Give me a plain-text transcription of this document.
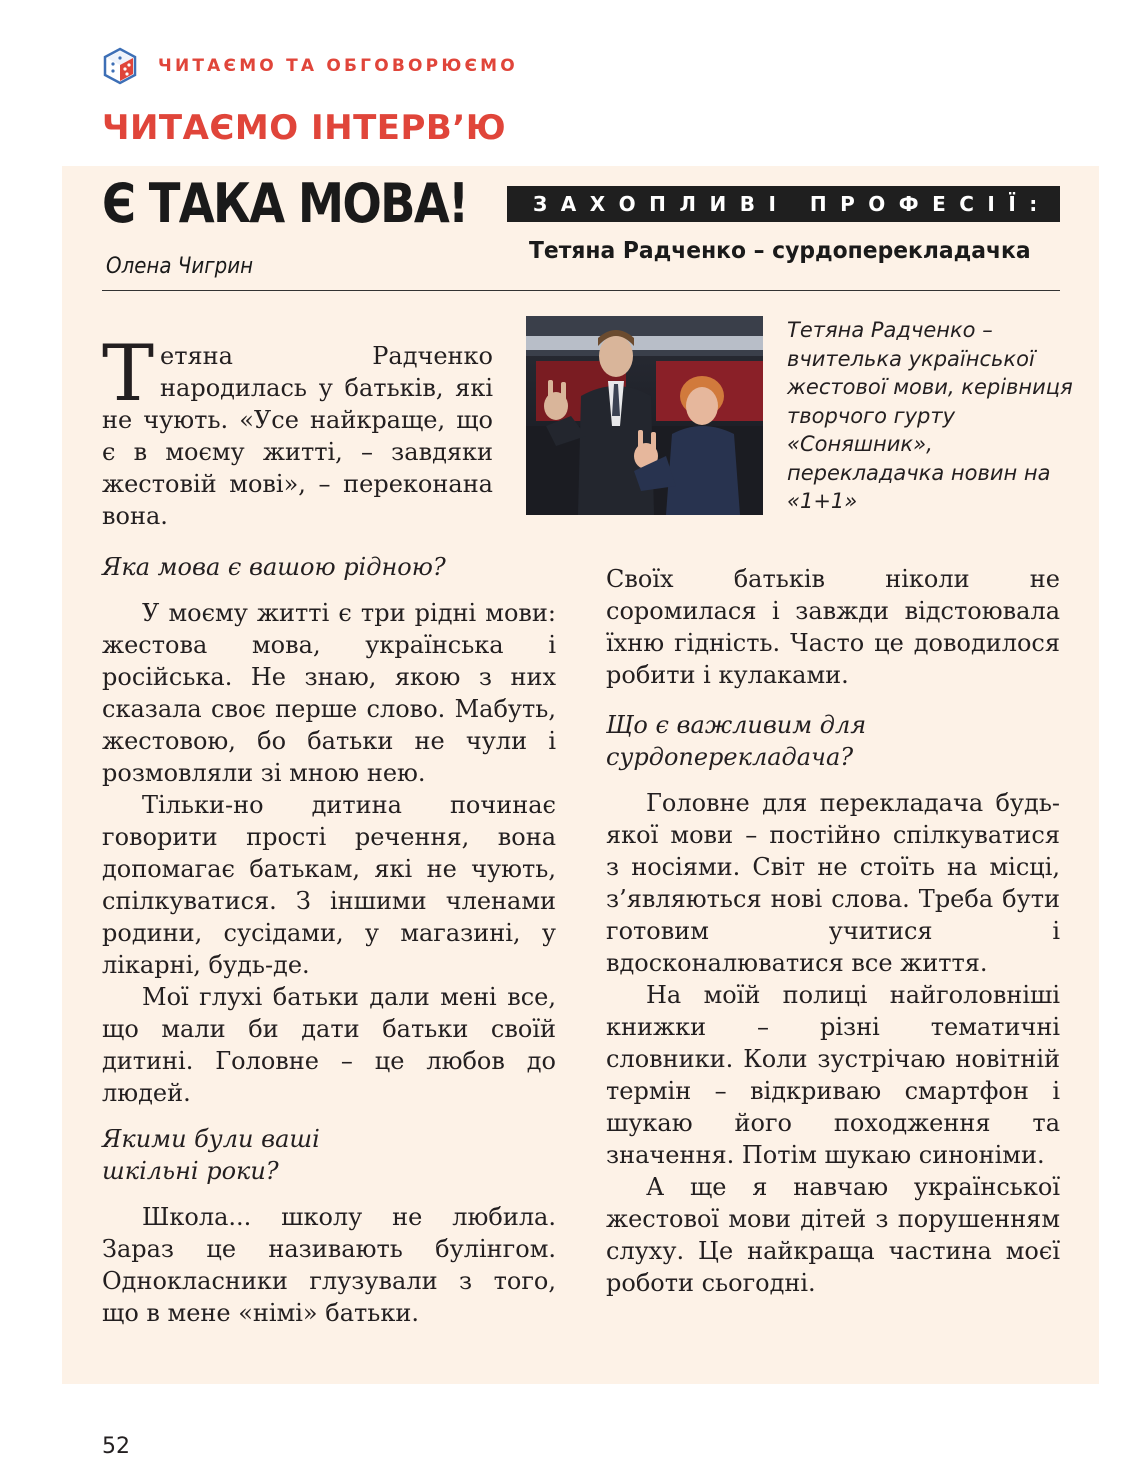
ЧИТАЄМО ТА ОБГОВОРЮЄМО
ЧИТАЄМО ІНТЕРВ’Ю
Є ТАКА МОВА!
Олена Чигрин
ЗАХОПЛИВІ ПРОФЕСІЇ:
Тетяна Радченко – сурдоперекладачка
Тетяна Радченко – вчителька української жестової мови, керівниця творчого гурту «Соняшник», перекладачка новин на «1+1»
Тетяна Радченко народилась у батьків, які не чують. «Усе найкраще, що є в моєму житті, – завдяки жестовій мові», – переконана вона.

Яка мова є вашою рідною?

У моєму житті є три рідні мови: жестова мова, українська і російська. Не знаю, якою з них сказала своє перше слово. Мабуть, жестовою, бо батьки не чули і розмовляли зі мною нею.

Тільки-но дитина починає говорити прості речення, вона допомагає батькам, які не чують, спілкуватися. З іншими членами родини, сусідами, у магазині, у лікарні, будь-де.

Мої глухі батьки дали мені все, що мали би дати батьки своїй дитині. Головне – це любов до людей.

Якими були ваші шкільні роки?

Школа... школу не любила. Зараз це називають булінгом. Однокласники глузували з того, що в мене «німі» батьки.

Своїх батьків ніколи не соромилася і завжди відстоювала їхню гідність. Часто це доводилося робити і кулаками.

Що є важливим для сурдоперекладача?

Головне для перекладача будь-якої мови – постійно спілкуватися з носіями. Світ не стоїть на місці, з’являються нові слова. Треба бути готовим учитися і вдосконалюватися все життя.

На моїй полиці найголовніші книжки – різні тематичні словники. Коли зустрічаю новітній термін – відкриваю смартфон і шукаю його походження та значення. Потім шукаю синоніми.

А ще я навчаю української жестової мови дітей з порушенням слуху. Це найкраща частина моєї роботи сьогодні.

52
